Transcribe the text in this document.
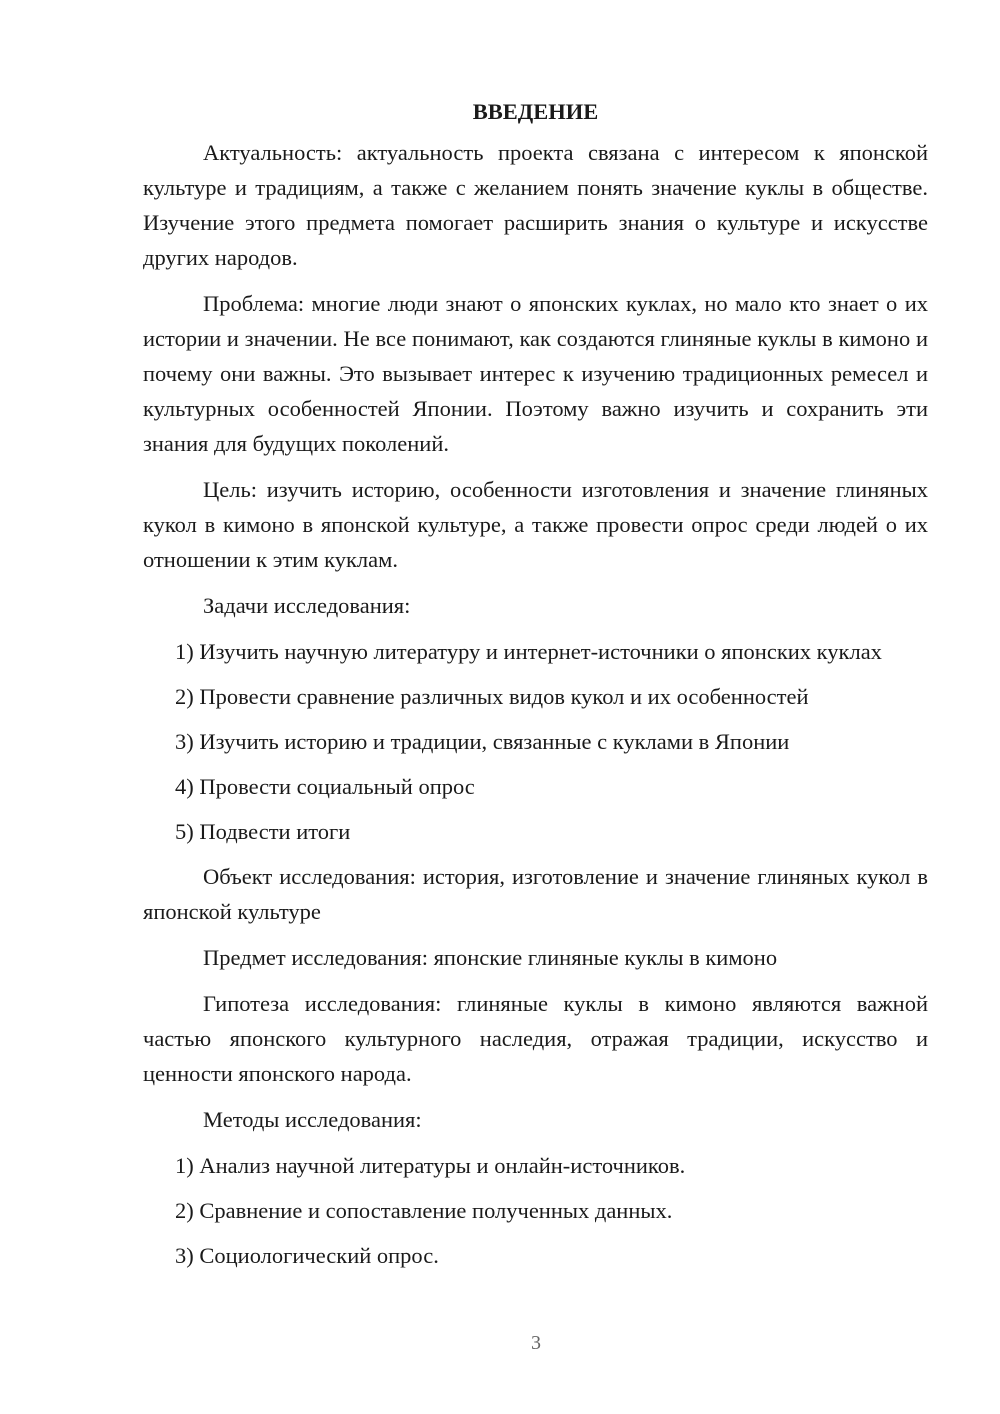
ВВЕДЕНИЕ

Актуальность: актуальность проекта связана с интересом к японской культуре и традициям, а также с желанием понять значение куклы в обществе. Изучение этого предмета помогает расширить знания о культуре и искусстве других народов.

Проблема: многие люди знают о японских куклах, но мало кто знает о их истории и значении. Не все понимают, как создаются глиняные куклы в кимоно и почему они важны. Это вызывает интерес к изучению традиционных ремесел и культурных особенностей Японии. Поэтому важно изучить и сохранить эти знания для будущих поколений.

Цель: изучить историю, особенности изготовления и значение глиняных кукол в кимоно в японской культуре, а также провести опрос среди людей о их отношении к этим куклам.

Задачи исследования:

1) Изучить научную литературу и интернет-источники о японских куклах

2) Провести сравнение различных видов кукол и их особенностей

3) Изучить историю и традиции, связанные с куклами в Японии

4) Провести социальный опрос

5) Подвести итоги

Объект исследования: история, изготовление и значение глиняных кукол в японской культуре

Предмет исследования: японские глиняные куклы в кимоно

Гипотеза исследования: глиняные куклы в кимоно являются важной частью японского культурного наследия, отражая традиции, искусство и ценности японского народа.

Методы исследования:

1) Анализ научной литературы и онлайн-источников.

2) Сравнение и сопоставление полученных данных.

3) Социологический опрос.

3
